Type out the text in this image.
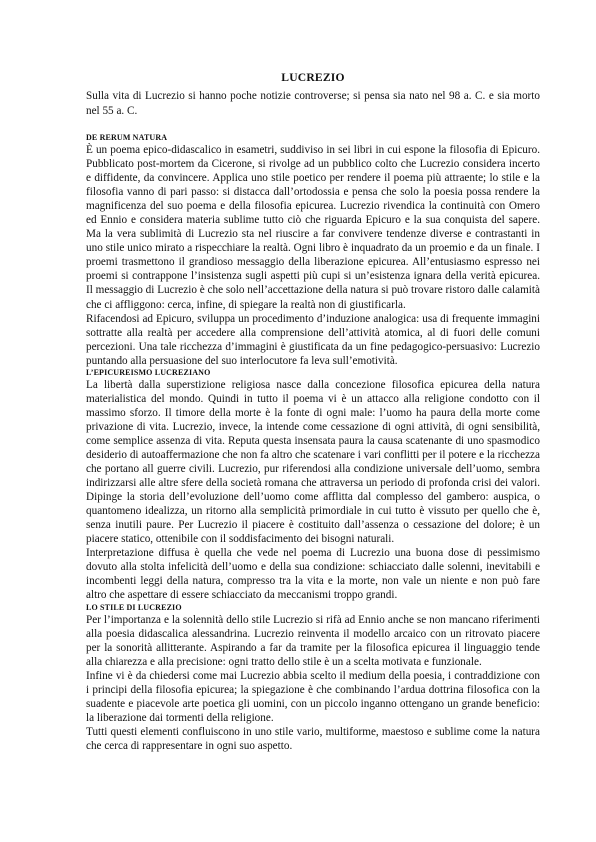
LUCREZIO

Sulla vita di Lucrezio si hanno poche notizie controverse; si pensa sia nato nel 98 a. C. e sia morto nel 55 a. C.

DE RERUM NATURA

È un poema epico-didascalico in esametri, suddiviso in sei libri in cui espone la filosofia di Epicuro. Pubblicato post-mortem da Cicerone, si rivolge ad un pubblico colto che Lucrezio considera incerto e diffidente, da convincere. Applica uno stile poetico per rendere il poema più attraente; lo stile e la filosofia vanno di pari passo: si distacca dall’ortodossia e pensa che solo la poesia possa rendere la magnificenza del suo poema e della filosofia epicurea. Lucrezio rivendica la continuità con Omero ed Ennio e considera materia sublime tutto ciò che riguarda Epicuro e la sua conquista del sapere. Ma la vera sublimità di Lucrezio sta nel riuscire a far convivere tendenze diverse e contrastanti in uno stile unico mirato a rispecchiare la realtà. Ogni libro è inquadrato da un proemio e da un finale. I proemi trasmettono il grandioso messaggio della liberazione epicurea. All’entusiasmo espresso nei proemi si contrappone l’insistenza sugli aspetti più cupi si un’esistenza ignara della verità epicurea. Il messaggio di Lucrezio è che solo nell’accettazione della natura si può trovare ristoro dalle calamità che ci affliggono: cerca, infine, di spiegare la realtà non di giustificarla.

Rifacendosi ad Epicuro, sviluppa un procedimento d’induzione analogica: usa di frequente immagini sottratte alla realtà per accedere alla comprensione dell’attività atomica, al di fuori delle comuni percezioni. Una tale ricchezza d’immagini è giustificata da un fine pedagogico-persuasivo: Lucrezio puntando alla persuasione del suo interlocutore fa leva sull’emotività.

L’EPICUREISMO LUCREZIANO

La libertà dalla superstizione religiosa nasce dalla concezione filosofica epicurea della natura materialistica del mondo. Quindi in tutto il poema vi è un attacco alla religione condotto con il massimo sforzo. Il timore della morte è la fonte di ogni male: l’uomo ha paura della morte come privazione di vita. Lucrezio, invece, la intende come cessazione di ogni attività, di ogni sensibilità, come semplice assenza di vita. Reputa questa insensata paura la causa scatenante di uno spasmodico desiderio di autoaffermazione che non fa altro che scatenare i vari conflitti per il potere e la ricchezza che portano all guerre civili. Lucrezio, pur riferendosi alla condizione universale dell’uomo, sembra indirizzarsi alle altre sfere della società romana che attraversa un periodo di profonda crisi dei valori. Dipinge la storia dell’evoluzione dell’uomo come afflitta dal complesso del gambero: auspica, o quantomeno idealizza, un ritorno alla semplicità primordiale in cui tutto è vissuto per quello che è, senza inutili paure. Per Lucrezio il piacere è costituito dall’assenza o cessazione del dolore; è un piacere statico, ottenibile con il soddisfacimento dei bisogni naturali.

Interpretazione diffusa è quella che vede nel poema di Lucrezio una buona dose di pessimismo dovuto alla stolta infelicità dell’uomo e della sua condizione: schiacciato dalle solenni, inevitabili e incombenti leggi della natura, compresso tra la vita e la morte, non vale un niente e non può fare altro che aspettare di essere schiacciato da meccanismi troppo grandi.

LO STILE DI LUCREZIO

Per l’importanza e la solennità dello stile Lucrezio si rifà ad Ennio anche se non mancano riferimenti alla poesia didascalica alessandrina. Lucrezio reinventa il modello arcaico con un ritrovato piacere per la sonorità allitterante. Aspirando a far da tramite per la filosofica epicurea il linguaggio tende alla chiarezza e alla precisione: ogni tratto dello stile è un a scelta motivata e funzionale.

Infine vi è da chiedersi come mai Lucrezio abbia scelto il medium della poesia, i contraddizione con i principi della filosofia epicurea; la spiegazione è che combinando l’ardua dottrina filosofica con la suadente e piacevole arte poetica gli uomini, con un piccolo inganno ottengano un grande beneficio: la liberazione dai tormenti della religione.

Tutti questi elementi confluiscono in uno stile vario, multiforme, maestoso e sublime come la natura che cerca di rappresentare in ogni suo aspetto.
